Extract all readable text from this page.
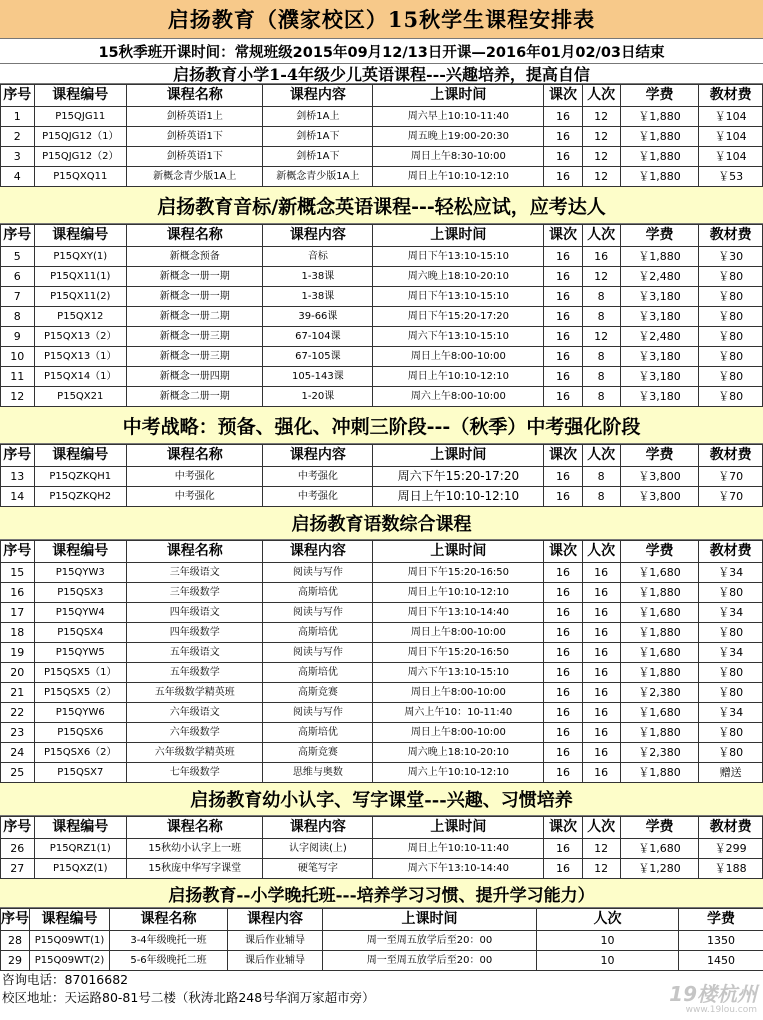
启扬教育（濮家校区）15秋学生课程安排表
15秋季班开课时间：常规班级2015年09月12/13日开课—2016年01月02/03日结束
启扬教育小学1-4年级少儿英语课程---兴趣培养，提高自信
序号	课程编号	课程名称	课程内容	上课时间	课次	人次	学费	教材费
1	P15QJG11	剑桥英语1上	剑桥1A上	周六早上10:10-11:40	16	12	￥1,880	￥104
2	P15QJG12（1）	剑桥英语1下	剑桥1A下	周五晚上19:00-20:30	16	12	￥1,880	￥104
3	P15QJG12（2）	剑桥英语1下	剑桥1A下	周日上午8:30-10:00	16	12	￥1,880	￥104
4	P15QXQ11	新概念青少版1A上	新概念青少版1A上	周日上午10:10-12:10	16	12	￥1,880	￥53
启扬教育音标/新概念英语课程---轻松应试，应考达人
序号	课程编号	课程名称	课程内容	上课时间	课次	人次	学费	教材费
5	P15QXY(1)	新概念预备	音标	周日下午13:10-15:10	16	16	￥1,880	￥30
6	P15QX11(1)	新概念一册一期	1-38课	周六晚上18:10-20:10	16	12	￥2,480	￥80
7	P15QX11(2)	新概念一册一期	1-38课	周日下午13:10-15:10	16	8	￥3,180	￥80
8	P15QX12	新概念一册二期	39-66课	周日下午15:20-17:20	16	8	￥3,180	￥80
9	P15QX13（2）	新概念一册三期	67-104课	周六下午13:10-15:10	16	12	￥2,480	￥80
10	P15QX13（1）	新概念一册三期	67-105课	周日上午8:00-10:00	16	8	￥3,180	￥80
11	P15QX14（1）	新概念一册四期	105-143课	周日上午10:10-12:10	16	8	￥3,180	￥80
12	P15QX21	新概念二册一期	1-20课	周六上午8:00-10:00	16	8	￥3,180	￥80
中考战略：预备、强化、冲刺三阶段---（秋季）中考强化阶段
序号	课程编号	课程名称	课程内容	上课时间	课次	人次	学费	教材费
13	P15QZKQH1	中考强化	中考强化	周六下午15:20-17:20	16	8	￥3,800	￥70
14	P15QZKQH2	中考强化	中考强化	周日上午10:10-12:10	16	8	￥3,800	￥70
启扬教育语数综合课程
序号	课程编号	课程名称	课程内容	上课时间	课次	人次	学费	教材费
15	P15QYW3	三年级语文	阅读与写作	周日下午15:20-16:50	16	16	￥1,680	￥34
16	P15QSX3	三年级数学	高斯培优	周日上午10:10-12:10	16	16	￥1,880	￥80
17	P15QYW4	四年级语文	阅读与写作	周日下午13:10-14:40	16	16	￥1,680	￥34
18	P15QSX4	四年级数学	高斯培优	周日上午8:00-10:00	16	16	￥1,880	￥80
19	P15QYW5	五年级语文	阅读与写作	周日下午15:20-16:50	16	16	￥1,680	￥34
20	P15QSX5（1）	五年级数学	高斯培优	周六下午13:10-15:10	16	16	￥1,880	￥80
21	P15QSX5（2）	五年级数学精英班	高斯竞赛	周日上午8:00-10:00	16	16	￥2,380	￥80
22	P15QYW6	六年级语文	阅读与写作	周六上午10：10-11:40	16	16	￥1,680	￥34
23	P15QSX6	六年级数学	高斯培优	周日上午8:00-10:00	16	16	￥1,880	￥80
24	P15QSX6（2）	六年级数学精英班	高斯竞赛	周六晚上18:10-20:10	16	16	￥2,380	￥80
25	P15QSX7	七年级数学	思维与奥数	周六上午10:10-12:10	16	16	￥1,880	赠送
启扬教育幼小认字、写字课堂---兴趣、习惯培养
序号	课程编号	课程名称	课程内容	上课时间	课次	人次	学费	教材费
26	P15QRZ1(1)	15秋幼小认字上一班	认字阅读(上)	周日上午10:10-11:40	16	12	￥1,680	￥299
27	P15QXZ(1)	15秋庞中华写字课堂	硬笔写字	周六下午13:10-14:40	16	12	￥1,280	￥188
启扬教育--小学晚托班---培养学习习惯、提升学习能力）
序号	课程编号	课程名称	课程内容	上课时间	人次	学费
28	P15Q09WT(1)	3-4年级晚托一班	课后作业辅导	周一至周五放学后至20：00	10	1350
29	P15Q09WT(2)	5-6年级晚托二班	课后作业辅导	周一至周五放学后至20：00	10	1450
咨询电话：87016682
校区地址：天运路80-81号二楼（秋涛北路248号华润万家超市旁）	19楼杭州
www.19lou.com
